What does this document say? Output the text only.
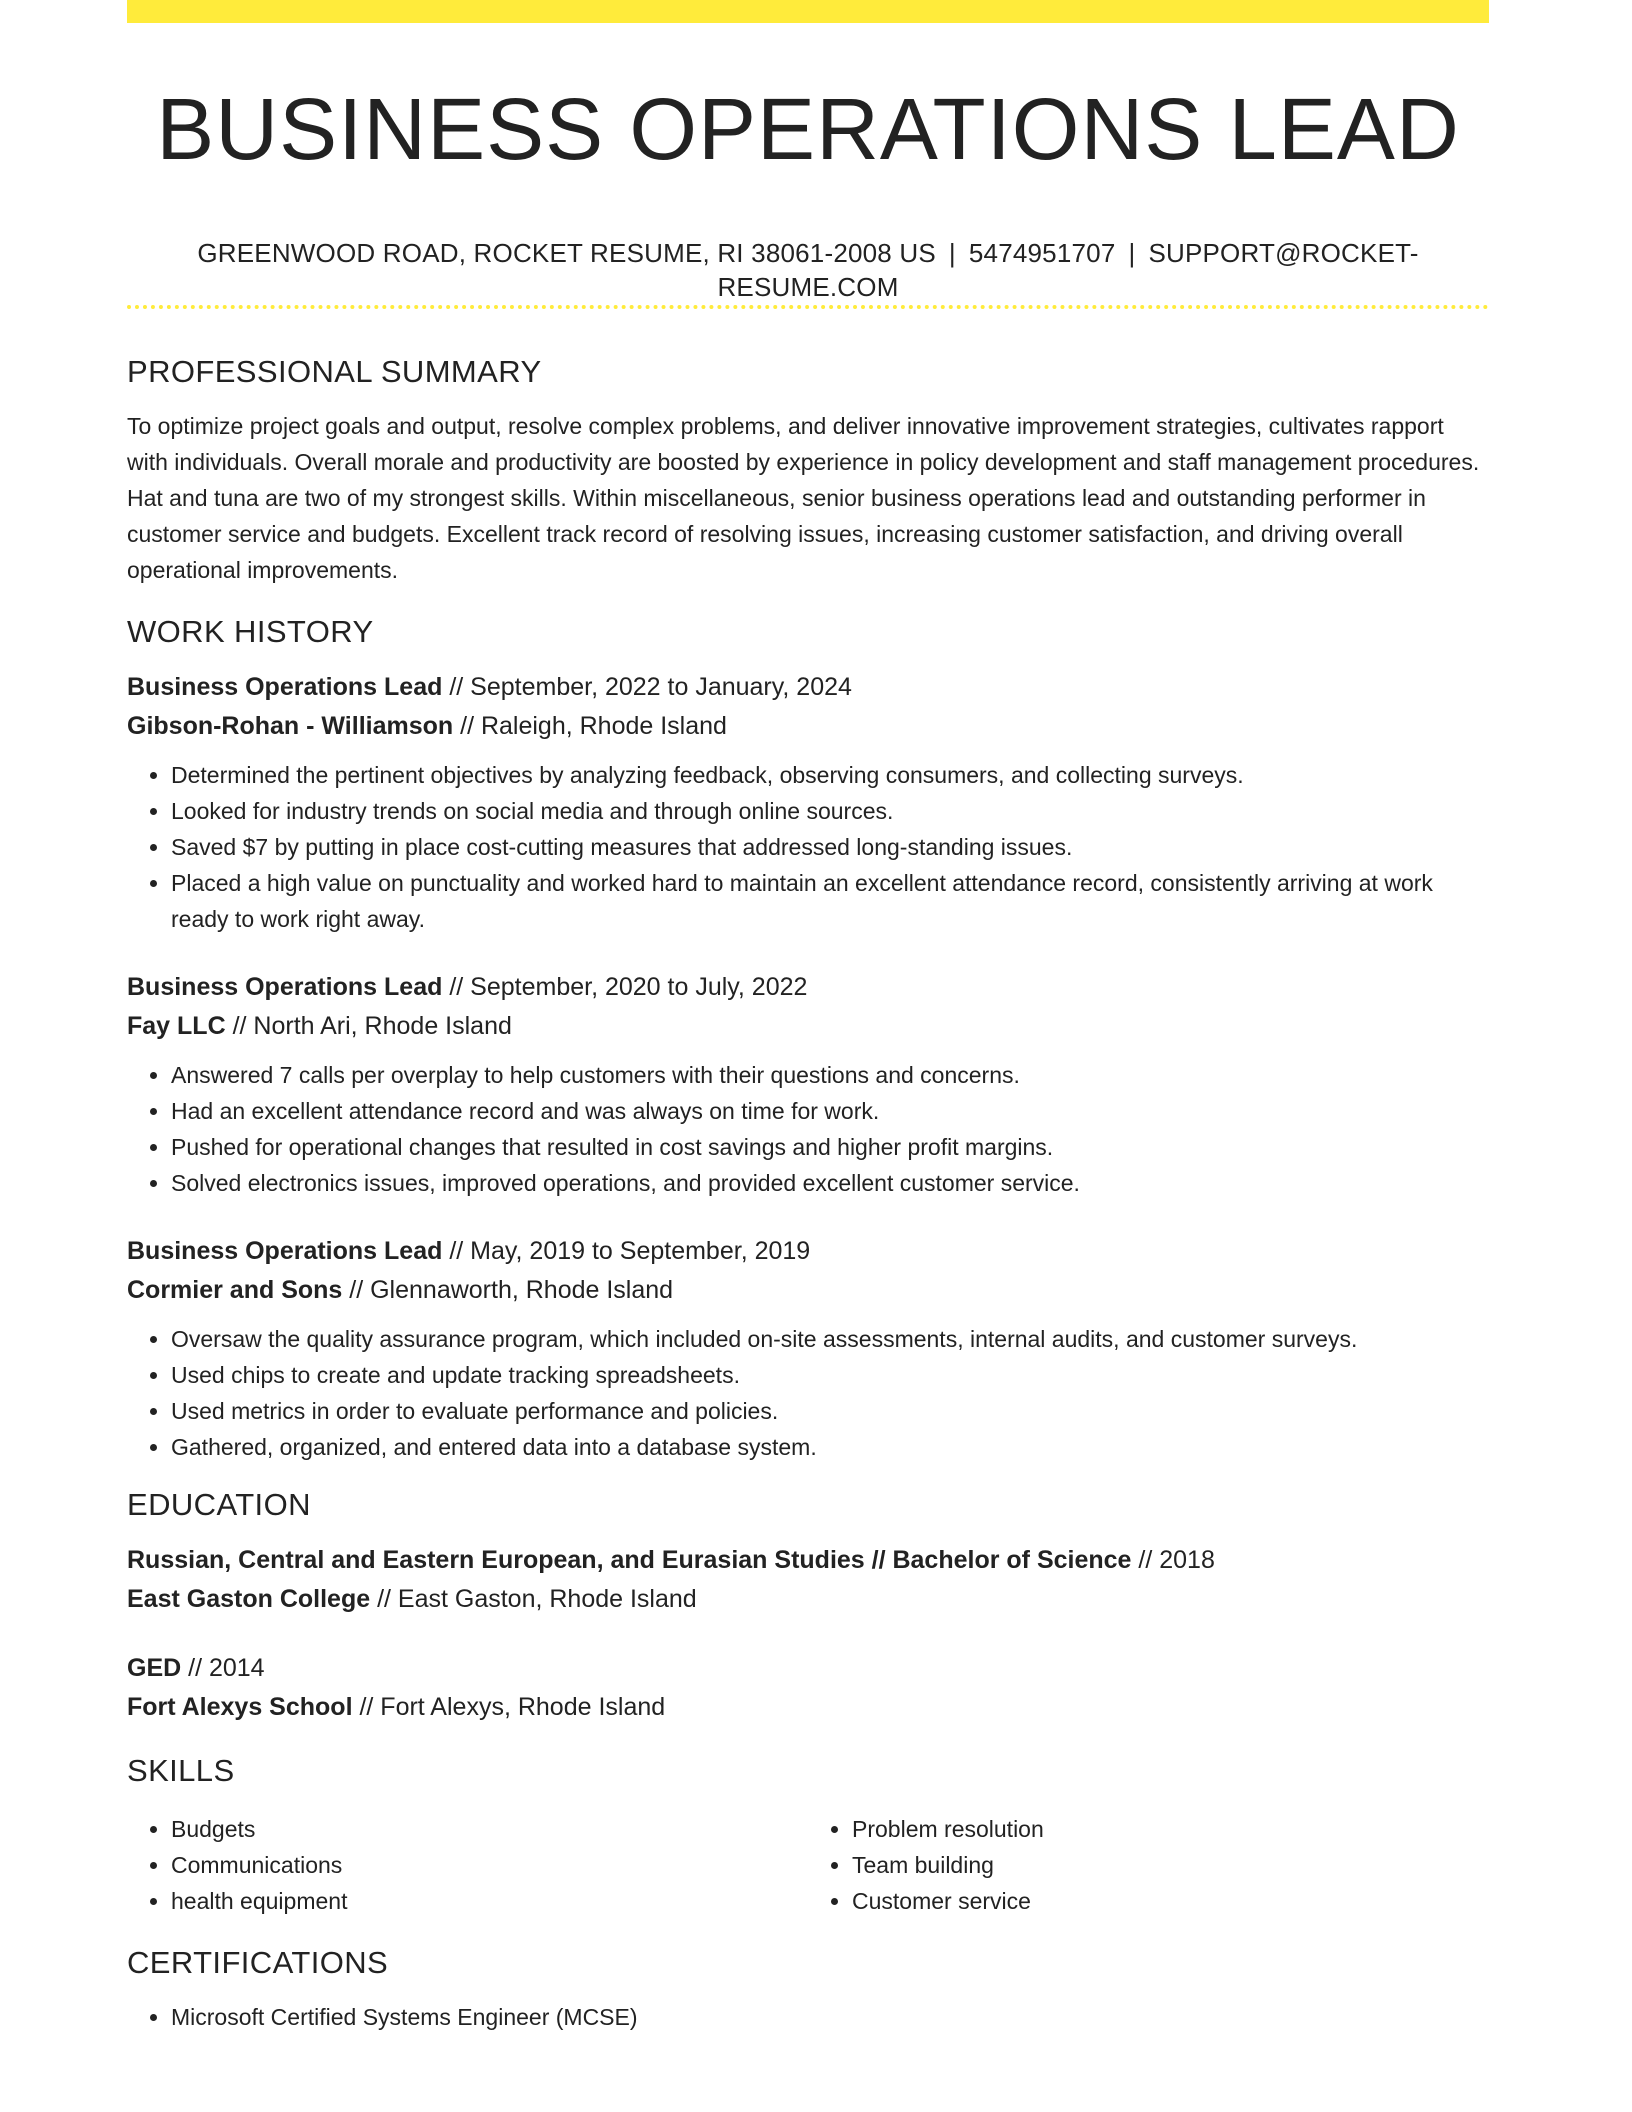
BUSINESS OPERATIONS LEAD
GREENWOOD ROAD, ROCKET RESUME, RI 38061-2008 US | 5474951707 | SUPPORT@ROCKET-RESUME.COM
PROFESSIONAL SUMMARY

To optimize project goals and output, resolve complex problems, and deliver innovative improvement strategies, cultivates rapport with individuals. Overall morale and productivity are boosted by experience in policy development and staff management procedures. Hat and tuna are two of my strongest skills. Within miscellaneous, senior business operations lead and outstanding performer in customer service and budgets. Excellent track record of resolving issues, increasing customer satisfaction, and driving overall operational improvements.

WORK HISTORY
Business Operations Lead // September, 2022 to January, 2024
Gibson-Rohan - Williamson // Raleigh, Rhode Island
• Determined the pertinent objectives by analyzing feedback, observing consumers, and collecting surveys.
• Looked for industry trends on social media and through online sources.
• Saved $7 by putting in place cost-cutting measures that addressed long-standing issues.
• Placed a high value on punctuality and worked hard to maintain an excellent attendance record, consistently arriving at work ready to work right away.
Business Operations Lead // September, 2020 to July, 2022
Fay LLC // North Ari, Rhode Island
• Answered 7 calls per overplay to help customers with their questions and concerns.
• Had an excellent attendance record and was always on time for work.
• Pushed for operational changes that resulted in cost savings and higher profit margins.
• Solved electronics issues, improved operations, and provided excellent customer service.
Business Operations Lead // May, 2019 to September, 2019
Cormier and Sons // Glennaworth, Rhode Island
• Oversaw the quality assurance program, which included on-site assessments, internal audits, and customer surveys.
• Used chips to create and update tracking spreadsheets.
• Used metrics in order to evaluate performance and policies.
• Gathered, organized, and entered data into a database system.
EDUCATION
Russian, Central and Eastern European, and Eurasian Studies // Bachelor of Science // 2018
East Gaston College // East Gaston, Rhode Island
GED // 2014
Fort Alexys School // Fort Alexys, Rhode Island
SKILLS
• Budgets
• Communications
• health equipment
• Problem resolution
• Team building
• Customer service
CERTIFICATIONS
• Microsoft Certified Systems Engineer (MCSE)
